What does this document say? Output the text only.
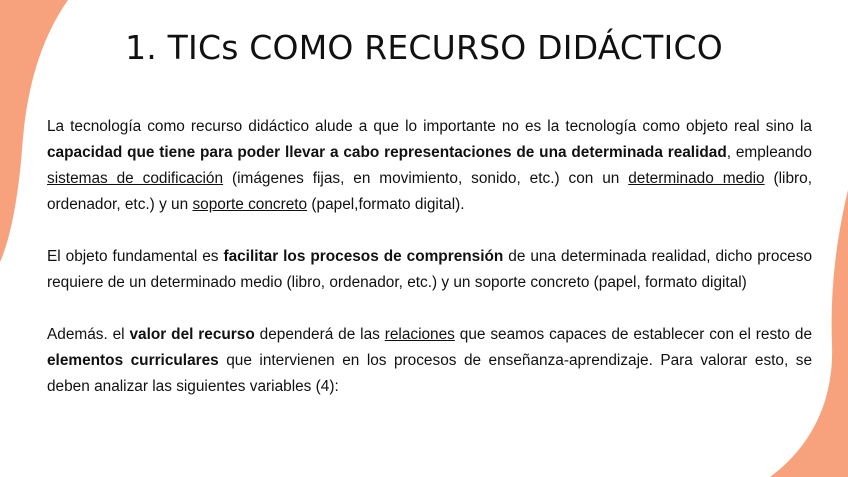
1. TICs COMO RECURSO DIDÁCTICO

La tecnología como recurso didáctico alude a que lo importante no es la tecnología como objeto real sino la capacidad que tiene para poder llevar a cabo representaciones de una determinada realidad, empleando sistemas de codificación (imágenes fijas, en movimiento, sonido, etc.) con un determinado medio (libro, ordenador, etc.) y un soporte concreto (papel,formato digital).

El objeto fundamental es facilitar los procesos de comprensión de una determinada realidad, dicho proceso requiere de un determinado medio (libro, ordenador, etc.) y un soporte concreto (papel, formato digital)

Además. el valor del recurso dependerá de las relaciones que seamos capaces de establecer con el resto de elementos curriculares que intervienen en los procesos de enseñanza-aprendizaje. Para valorar esto, se deben analizar las siguientes variables (4):
